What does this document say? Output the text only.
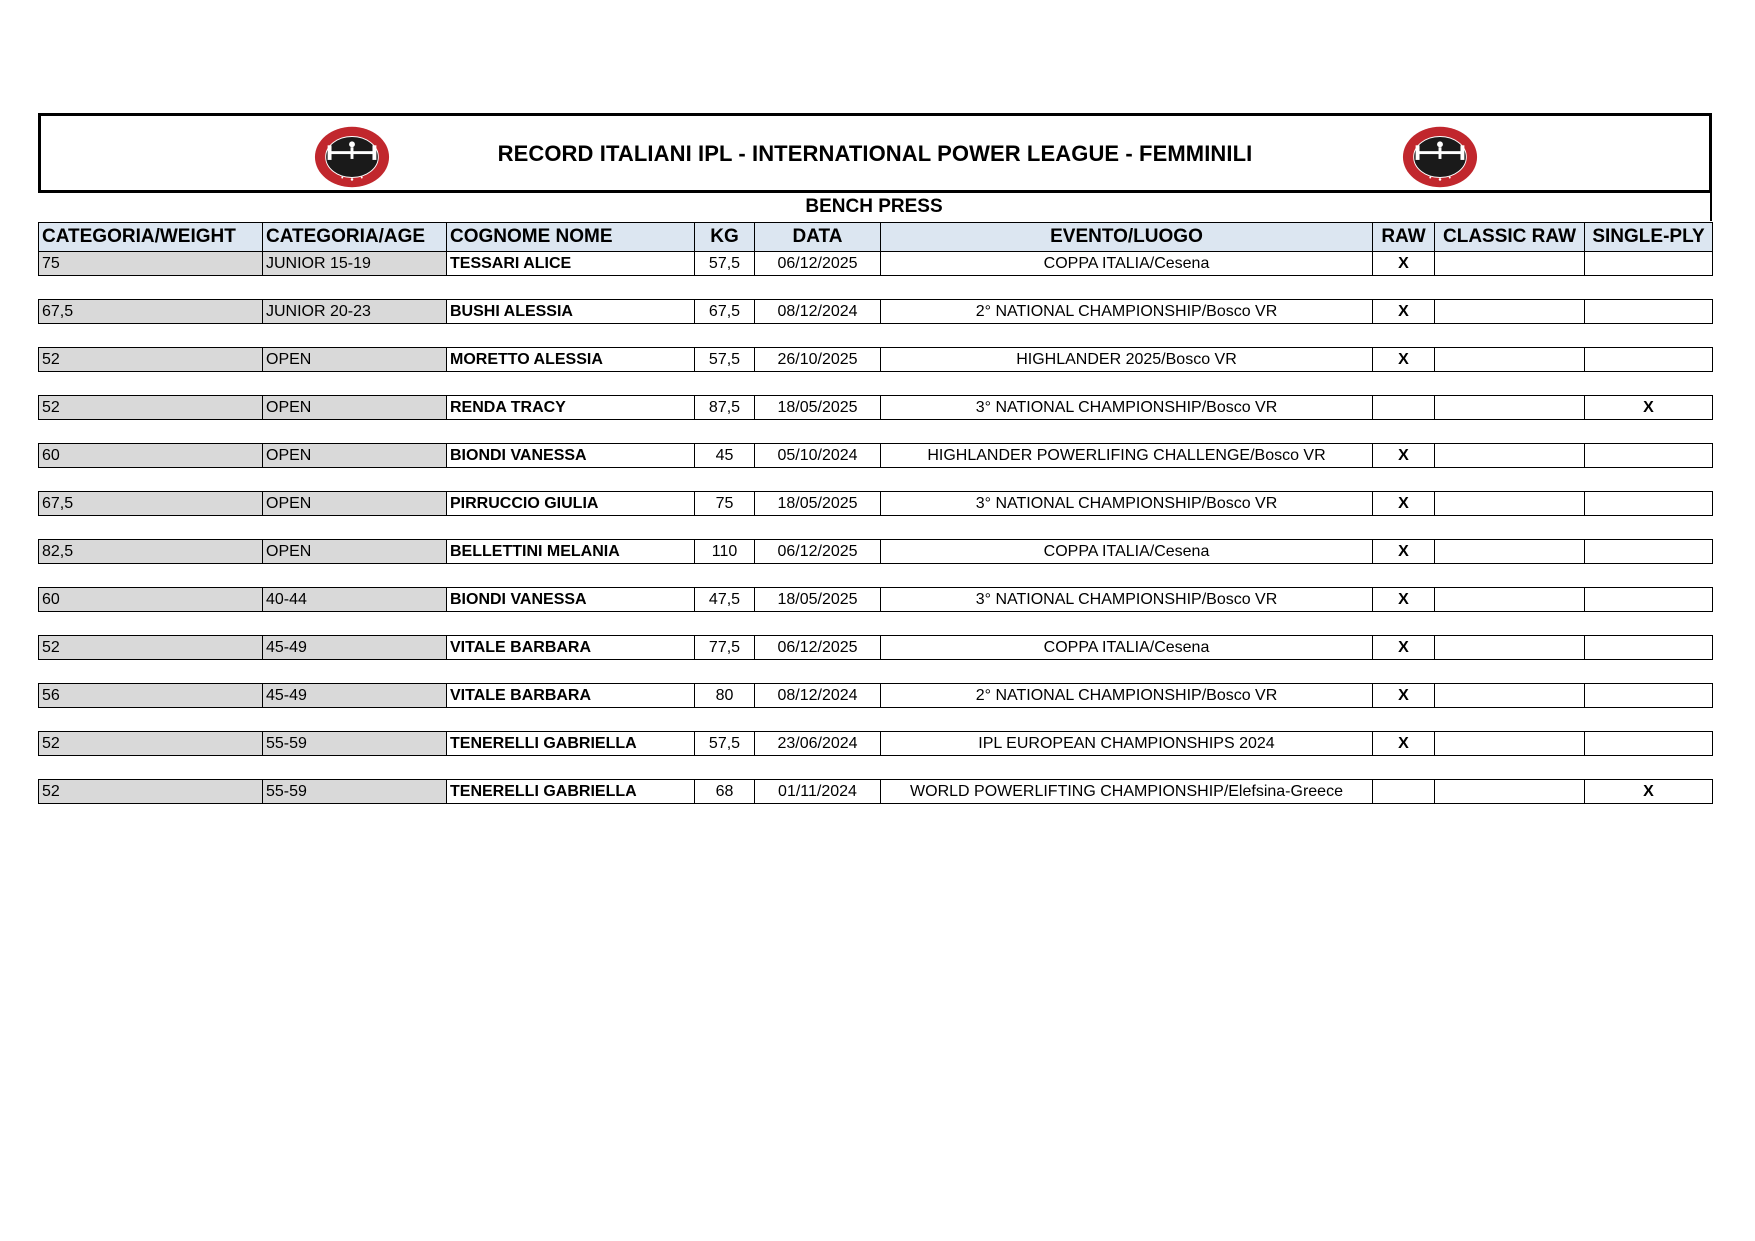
RECORD ITALIANI IPL - INTERNATIONAL POWER LEAGUE - FEMMINILI
BENCH PRESS
CATEGORIA/WEIGHT	CATEGORIA/AGE	COGNOME NOME	KG	DATA	EVENTO/LUOGO	RAW	CLASSIC RAW	SINGLE-PLY
75	JUNIOR 15-19	TESSARI ALICE	57,5	06/12/2025	COPPA ITALIA/Cesena	X		

67,5	JUNIOR 20-23	BUSHI ALESSIA	67,5	08/12/2024	2° NATIONAL CHAMPIONSHIP/Bosco VR	X		

52	OPEN	MORETTO ALESSIA	57,5	26/10/2025	HIGHLANDER 2025/Bosco VR	X		

52	OPEN	RENDA TRACY	87,5	18/05/2025	3° NATIONAL CHAMPIONSHIP/Bosco VR			X

60	OPEN	BIONDI VANESSA	45	05/10/2024	HIGHLANDER POWERLIFING CHALLENGE/Bosco VR	X		

67,5	OPEN	PIRRUCCIO GIULIA	75	18/05/2025	3° NATIONAL CHAMPIONSHIP/Bosco VR	X		

82,5	OPEN	BELLETTINI MELANIA	110	06/12/2025	COPPA ITALIA/Cesena	X		

60	40-44	BIONDI VANESSA	47,5	18/05/2025	3° NATIONAL CHAMPIONSHIP/Bosco VR	X		

52	45-49	VITALE BARBARA	77,5	06/12/2025	COPPA ITALIA/Cesena	X		

56	45-49	VITALE BARBARA	80	08/12/2024	2° NATIONAL CHAMPIONSHIP/Bosco VR	X		

52	55-59	TENERELLI GABRIELLA	57,5	23/06/2024	IPL EUROPEAN CHAMPIONSHIPS 2024	X		

52	55-59	TENERELLI GABRIELLA	68	01/11/2024	WORLD POWERLIFTING CHAMPIONSHIP/Elefsina-Greece			X
